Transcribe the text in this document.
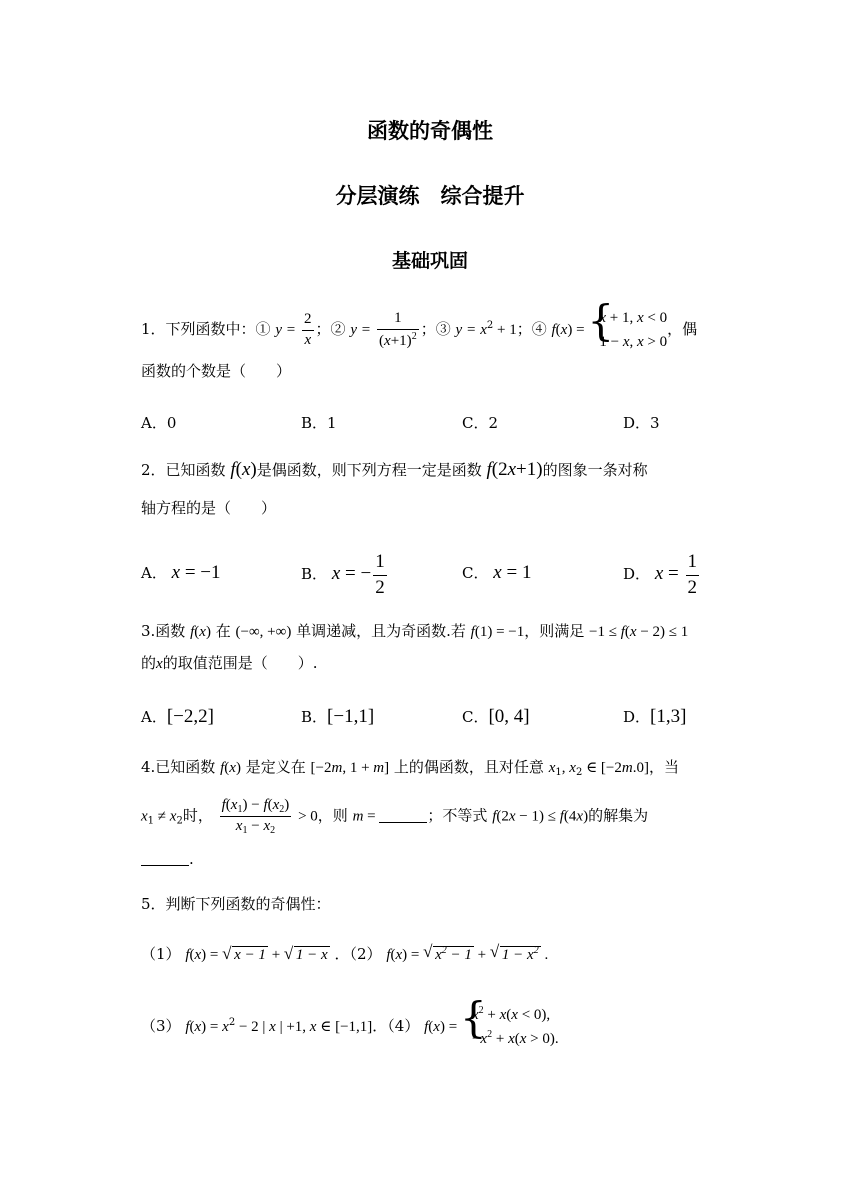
函数的奇偶性
分层演练　综合提升
基础巩固
1．下列函数中：① $y = \frac{2}{x}$ ；② $y = \frac{1}{(x+1)^2}$ ；③ $y = x^2 + 1$；④ f(x) =
{ x + 1, x < 0
1 − x, x > 0
，偶
函数的个数是（　　）
A．0	B．1	C．2	D．3
2．已知函数 f(x)是偶函数，则下列方程一定是函数 f(2x+1)的图象一条对称
轴方程的是（　　）
A． x = −1	B． x = − $\frac{1}{2}$	C． x = 1	D． $x = \frac{1}{2}$
3.函数 f(x) 在 (−∞, +∞) 单调递减，且为奇函数.若 f(1) = −1，则满足 −1 ≤ f(x − 2) ≤ 1
的x的取值范围是（　　）.
A．[−2,2]	B．[−1,1]	C．[0, 4]	D．[1,3]
4.已知函数 f(x) 是定义在 [−2m, 1 + m] 上的偶函数，且对任意 $x_1$, $x_2$ ∈ [−2m.0]，当
$x_1 \ne x_2$时， $\frac{f(x_1) - f(x_2)}{x_1 - x_2} > 0$，则 m =	；不等式 f(2x − 1) ≤ f(4x)的解集为
.
5．判断下列函数的奇偶性：
（1） f(x) = √ x − 1 + √ 1 − x ．（2） f(x) = √ $x^2 - 1$ + √ $1 - x^2$ .
（3） $f(x) = x^2 - 2$ | x | +1, x ∈ [−1,1]．（4） f(x) =
{ $x^2 + x(x < 0)$,
$-x^2 + x(x > 0)$.
